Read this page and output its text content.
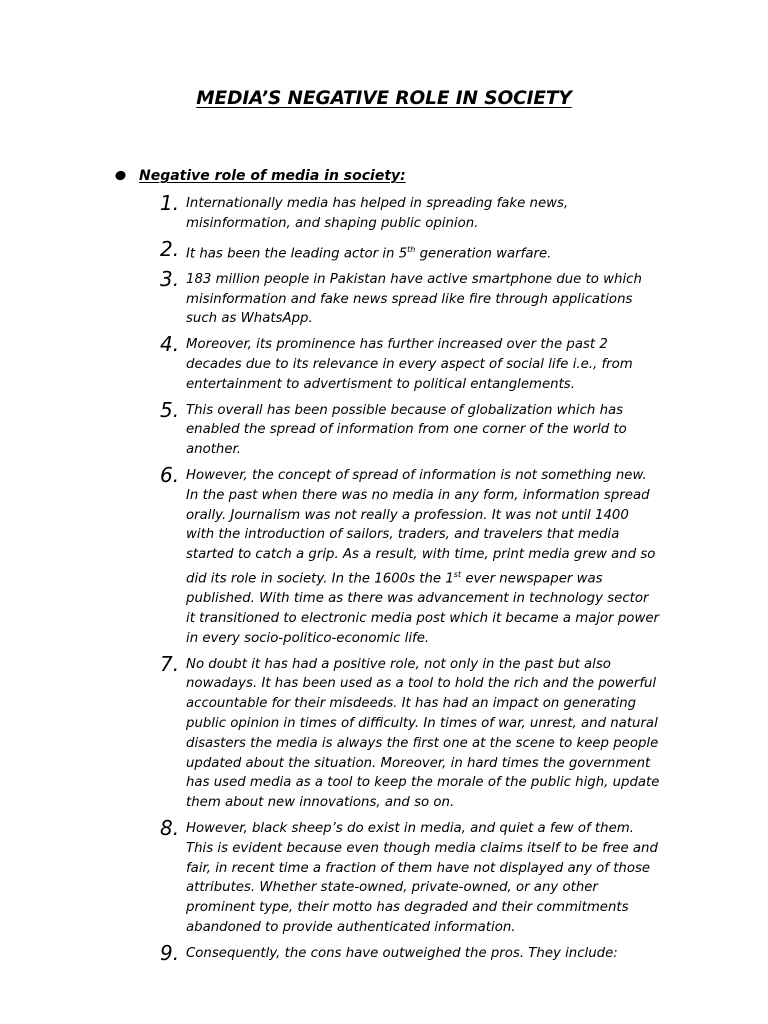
MEDIA’S NEGATIVE ROLE IN SOCIETY
Negative role of media in society:
1. Internationally media has helped in spreading fake news, misinformation, and shaping public opinion.
2. It has been the leading actor in 5th generation warfare.
3. 183 million people in Pakistan have active smartphone due to which misinformation and fake news spread like fire through applications such as WhatsApp.
4. Moreover, its prominence has further increased over the past 2 decades due to its relevance in every aspect of social life i.e., from entertainment to advertisment to political entanglements.
5. This overall has been possible because of globalization which has enabled the spread of information from one corner of the world to another.
6. However, the concept of spread of information is not something new. In the past when there was no media in any form, information spread orally. Journalism was not really a profession. It was not until 1400 with the introduction of sailors, traders, and travelers that media started to catch a grip. As a result, with time, print media grew and so did its role in society. In the 1600s the 1st ever newspaper was published. With time as there was advancement in technology sector it transitioned to electronic media post which it became a major power in every socio-politico-economic life.
7. No doubt it has had a positive role, not only in the past but also nowadays. It has been used as a tool to hold the rich and the powerful accountable for their misdeeds. It has had an impact on generating public opinion in times of difficulty. In times of war, unrest, and natural disasters the media is always the first one at the scene to keep people updated about the situation. Moreover, in hard times the government has used media as a tool to keep the morale of the public high, update them about new innovations, and so on.
8. However, black sheep’s do exist in media, and quiet a few of them. This is evident because even though media claims itself to be free and fair, in recent time a fraction of them have not displayed any of those attributes. Whether state-owned, private-owned, or any other prominent type, their motto has degraded and their commitments abandoned to provide authenticated information.
9. Consequently, the cons have outweighed the pros. They include:
